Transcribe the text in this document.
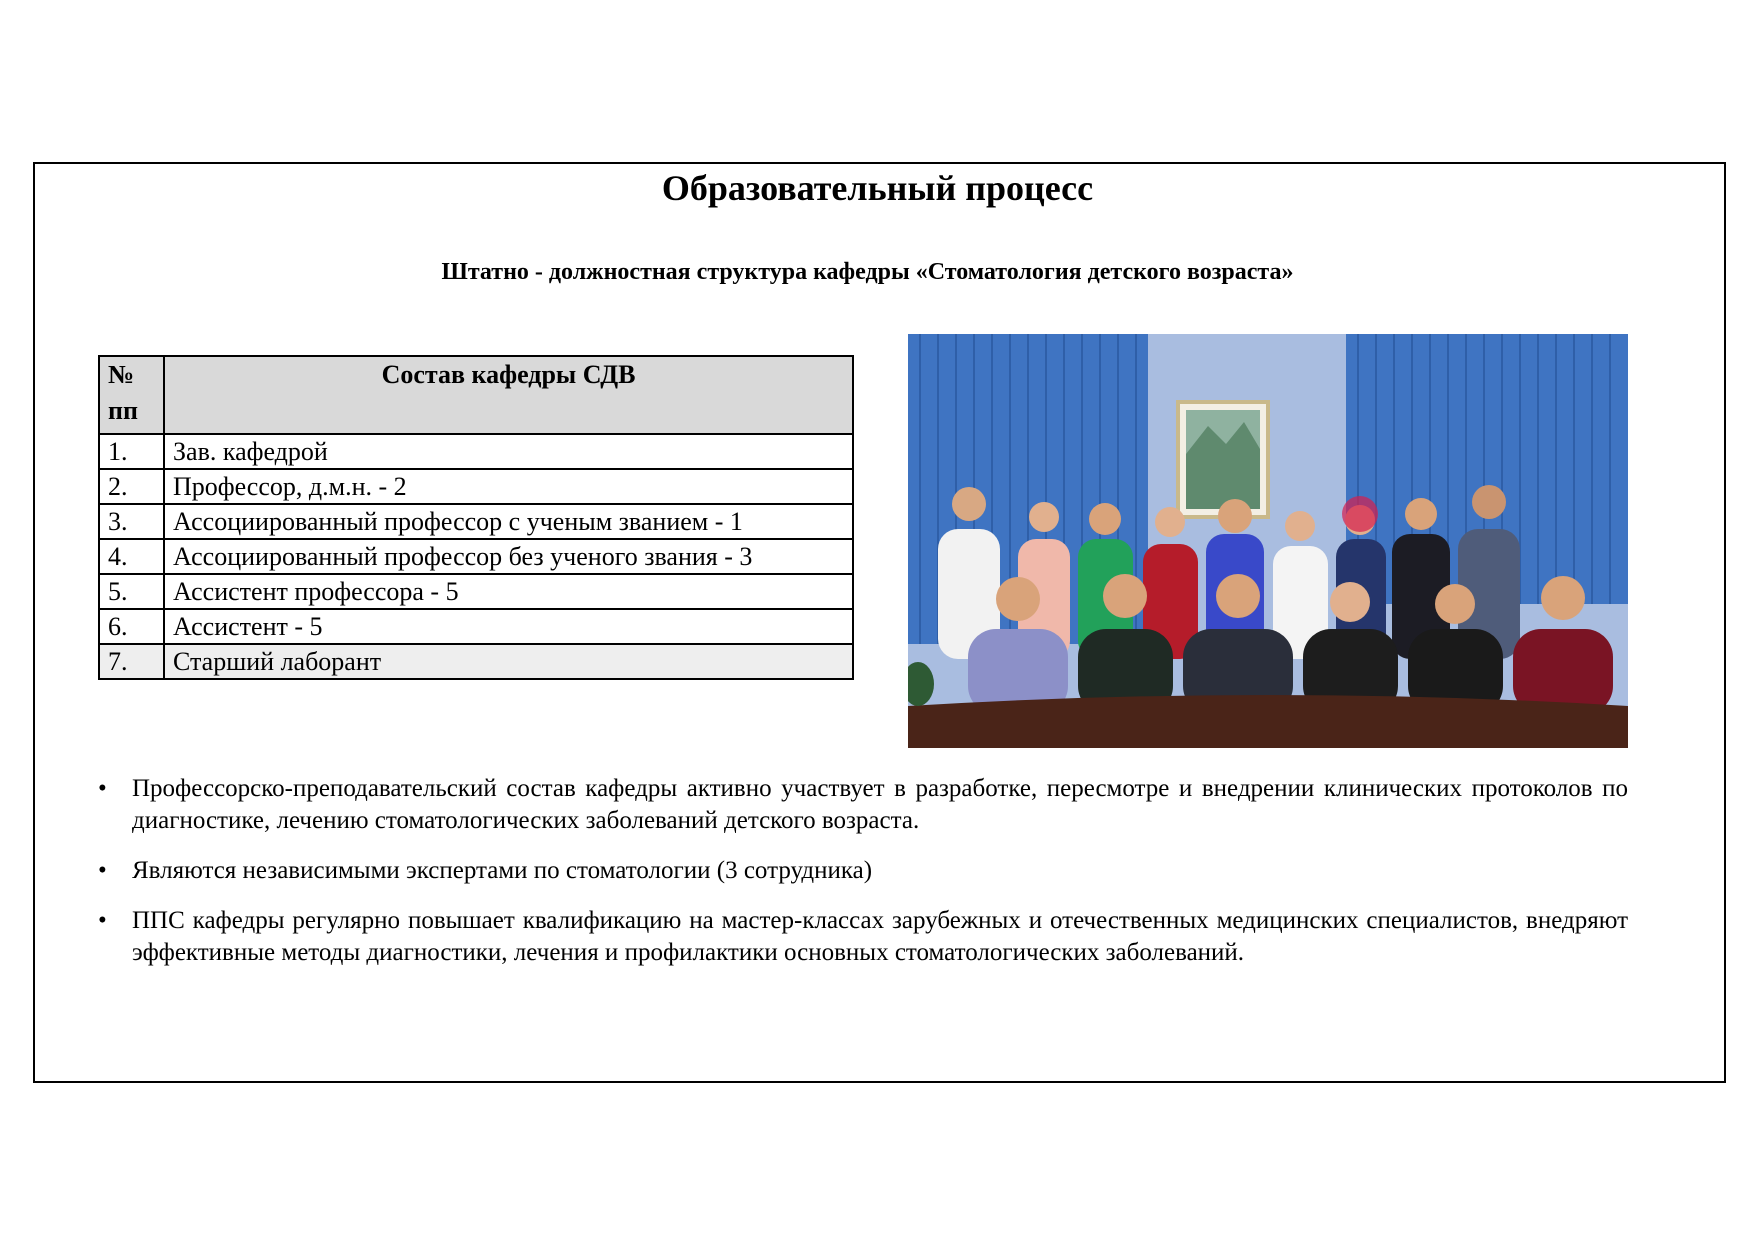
Образовательный процесс
Штатно - должностная структура кафедры «Стоматология детского возраста»
№ пп	Состав кафедры СДВ
1.	Зав. кафедрой
2.	Профессор, д.м.н. - 2
3.	Ассоциированный профессор с ученым званием - 1
4.	Ассоциированный профессор без ученого звания - 3
5.	Ассистент профессора - 5
6.	Ассистент - 5
7.	Старший лаборант
• Профессорско-преподавательский состав кафедры активно участвует в разработке, пересмотре и внедрении клинических протоколов по диагностике, лечению стоматологических заболеваний детского возраста.
• Являются независимыми экспертами по стоматологии (3 сотрудника)
• ППС кафедры регулярно повышает квалификацию на мастер-классах зарубежных и отечественных медицинских специалистов, внедряют эффективные методы диагностики, лечения и профилактики основных стоматологических заболеваний.
